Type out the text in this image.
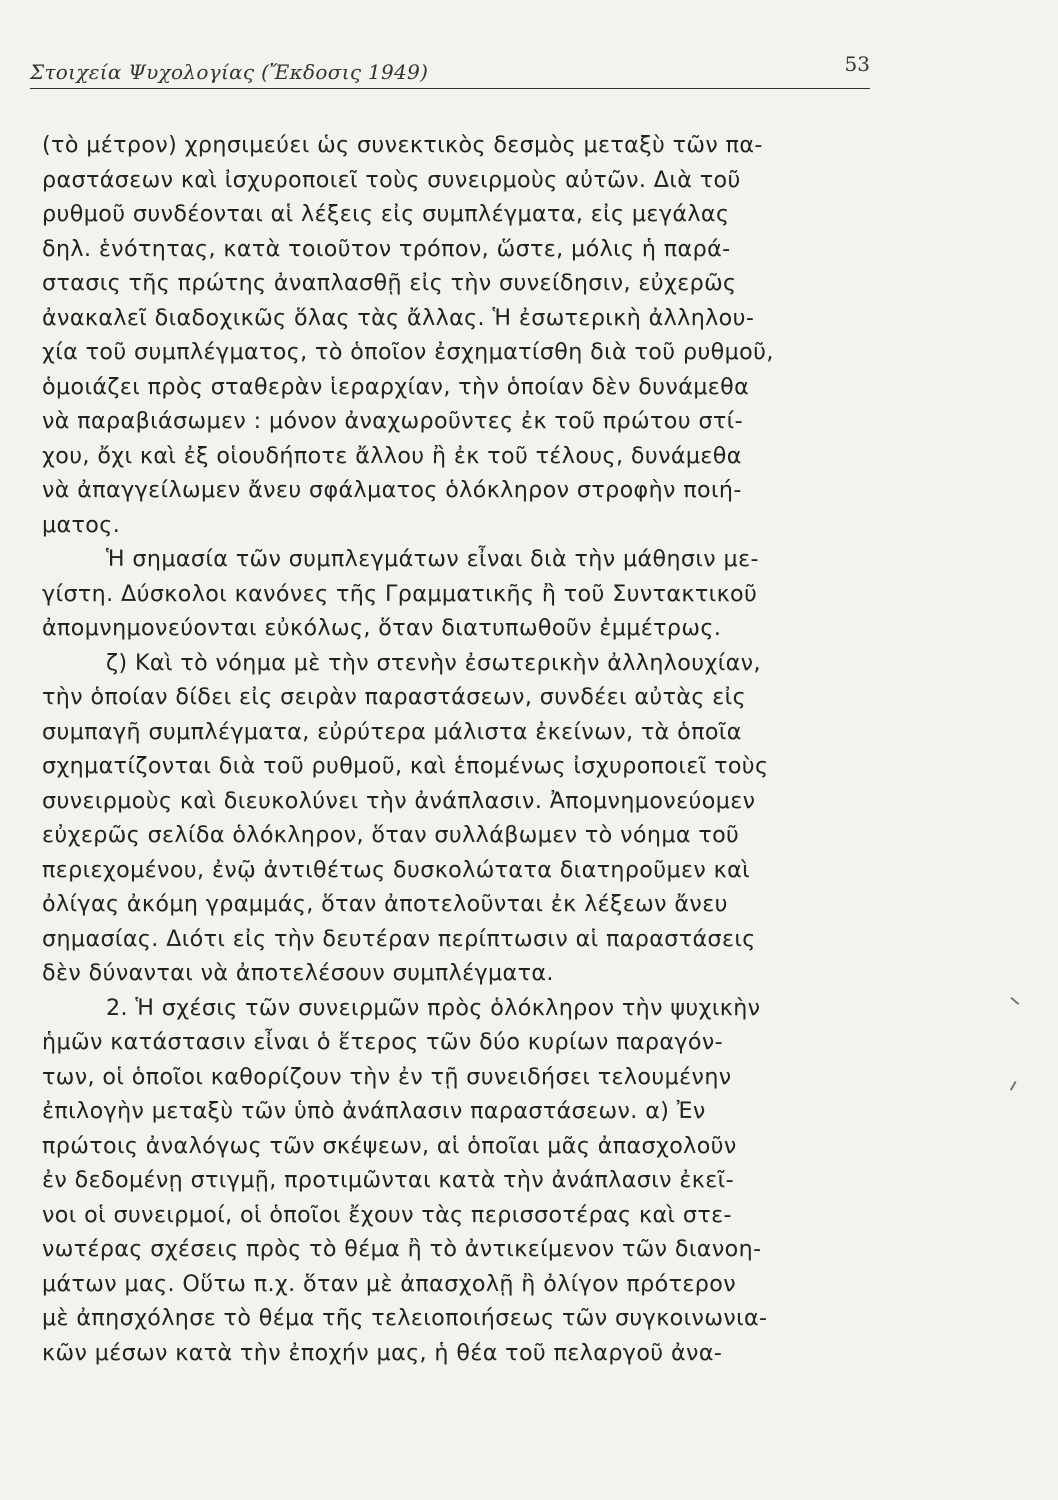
Στοιχεία Ψυχολογίας (Ἔκδοσις 1949)	53
(τὸ μέτρον) χρησιμεύει ὡς συνεκτικὸς δεσμὸς μεταξὺ τῶν πα-
ραστάσεων καὶ ἰσχυροποιεῖ τοὺς συνειρμοὺς αὐτῶν. Διὰ τοῦ
ρυθμοῦ συνδέονται αἱ λέξεις εἰς συμπλέγματα, εἰς μεγάλας
δηλ. ἑνότητας, κατὰ τοιοῦτον τρόπον, ὥστε, μόλις ἡ παρά-
στασις τῆς πρώτης ἀναπλασθῇ εἰς τὴν συνείδησιν, εὐχερῶς
ἀνακαλεῖ διαδοχικῶς ὅλας τὰς ἄλλας. Ἡ ἐσωτερικὴ ἀλληλου-
χία τοῦ συμπλέγματος, τὸ ὁποῖον ἐσχηματίσθη διὰ τοῦ ρυθμοῦ,
ὁμοιάζει πρὸς σταθερὰν ἱεραρχίαν, τὴν ὁποίαν δὲν δυνάμεθα
νὰ παραβιάσωμεν : μόνον ἀναχωροῦντες ἐκ τοῦ πρώτου στί-
χου, ὄχι καὶ ἐξ οἱουδήποτε ἄλλου ἢ ἐκ τοῦ τέλους, δυνάμεθα
νὰ ἀπαγγείλωμεν ἄνευ σφάλματος ὁλόκληρον στροφὴν ποιή-
ματος.
Ἡ σημασία τῶν συμπλεγμάτων εἶναι διὰ τὴν μάθησιν με-
γίστη. Δύσκολοι κανόνες τῆς Γραμματικῆς ἢ τοῦ Συντακτικοῦ
ἀπομνημονεύονται εὐκόλως, ὅταν διατυπωθοῦν ἐμμέτρως.
ζ) Καὶ τὸ νόημα μὲ τὴν στενὴν ἐσωτερικὴν ἀλληλουχίαν,
τὴν ὁποίαν δίδει εἰς σειρὰν παραστάσεων, συνδέει αὐτὰς εἰς
συμπαγῆ συμπλέγματα, εὐρύτερα μάλιστα ἐκείνων, τὰ ὁποῖα
σχηματίζονται διὰ τοῦ ρυθμοῦ, καὶ ἑπομένως ἰσχυροποιεῖ τοὺς
συνειρμοὺς καὶ διευκολύνει τὴν ἀνάπλασιν. Ἀπομνημονεύομεν
εὐχερῶς σελίδα ὁλόκληρον, ὅταν συλλάβωμεν τὸ νόημα τοῦ
περιεχομένου, ἐνῷ ἀντιθέτως δυσκολώτατα διατηροῦμεν καὶ
ὀλίγας ἀκόμη γραμμάς, ὅταν ἀποτελοῦνται ἐκ λέξεων ἄνευ
σημασίας. Διότι εἰς τὴν δευτέραν περίπτωσιν αἱ παραστάσεις
δὲν δύνανται νὰ ἀποτελέσουν συμπλέγματα.
2. Ἡ σχέσις τῶν συνειρμῶν πρὸς ὁλόκληρον τὴν ψυχικὴν
ἡμῶν κατάστασιν εἶναι ὁ ἕτερος τῶν δύο κυρίων παραγόν-
των, οἱ ὁποῖοι καθορίζουν τὴν ἐν τῇ συνειδήσει τελουμένην
ἐπιλογὴν μεταξὺ τῶν ὑπὸ ἀνάπλασιν παραστάσεων. α) Ἐν
πρώτοις ἀναλόγως τῶν σκέψεων, αἱ ὁποῖαι μᾶς ἀπασχολοῦν
ἐν δεδομένῃ στιγμῇ, προτιμῶνται κατὰ τὴν ἀνάπλασιν ἐκεῖ-
νοι οἱ συνειρμοί, οἱ ὁποῖοι ἔχουν τὰς περισσοτέρας καὶ στε-
νωτέρας σχέσεις πρὸς τὸ θέμα ἢ τὸ ἀντικείμενον τῶν διανοη-
μάτων μας. Οὕτω π.χ. ὅταν μὲ ἀπασχολῇ ἢ ὀλίγον πρότερον
μὲ ἀπησχόλησε τὸ θέμα τῆς τελειοποιήσεως τῶν συγκοινωνια-
κῶν μέσων κατὰ τὴν ἐποχήν μας, ἡ θέα τοῦ πελαργοῦ ἀνα-
